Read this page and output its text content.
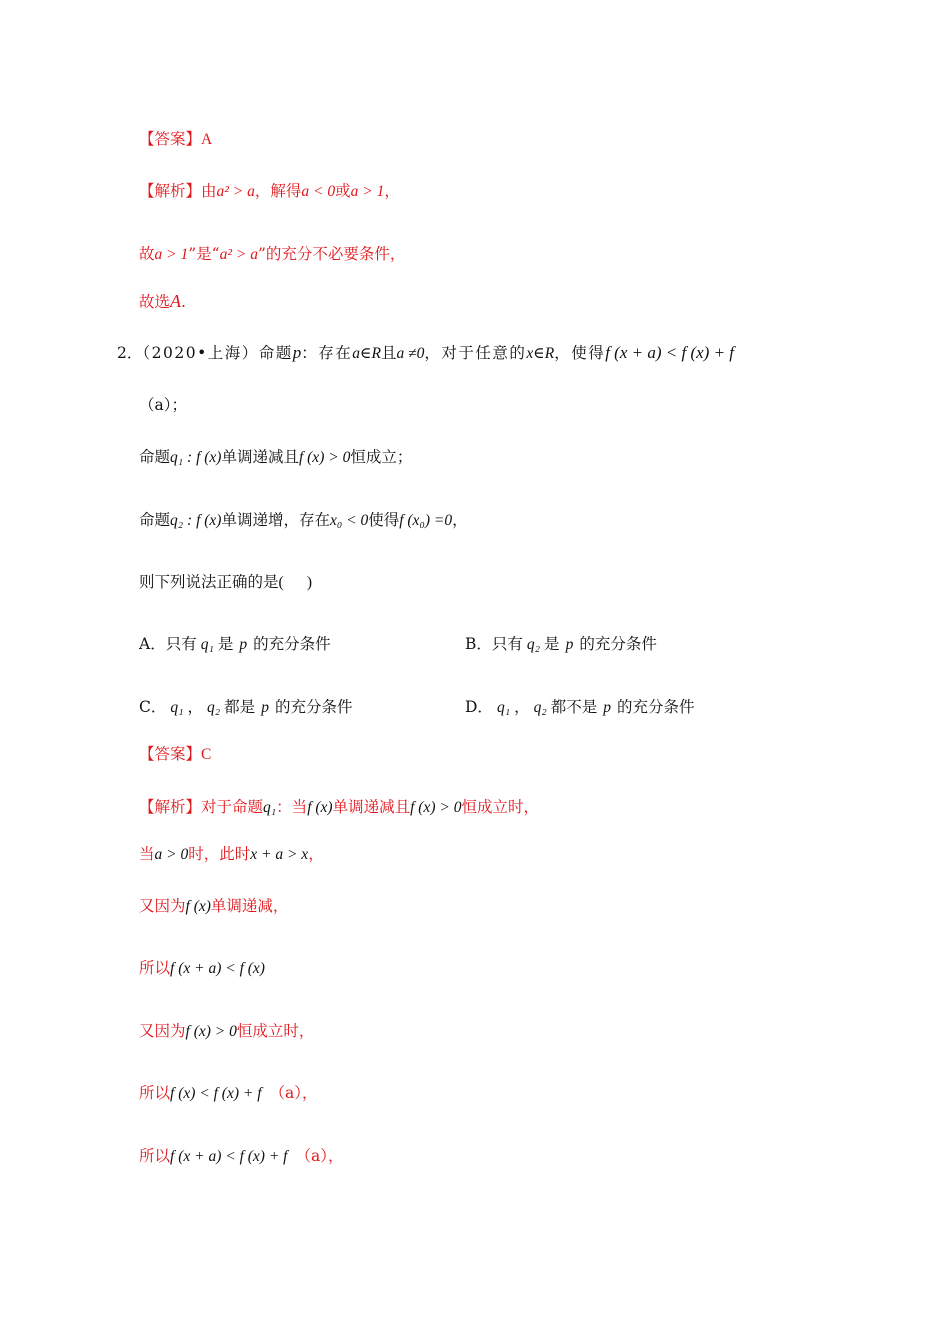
【答案】A
【解析】由a² > a，解得a < 0或a > 1，
故a > 1”是“a² > a”的充分不必要条件，
故选A.
2．（2020•上海）命题p：存在a∈R且a ≠0，对于任意的x∈R，使得f (x + a) < f (x) + f
（a）；
命题q₁ : f (x)单调递减且f (x) > 0恒成立；
命题q₂ : f (x)单调递增，存在x₀ < 0使得f (x₀) =0，
则下列说法正确的是(      )
A．只有 q₁ 是 p 的充分条件	B．只有 q₂ 是 p 的充分条件
C． q₁ ， q₂ 都是 p 的充分条件	D． q₁ ， q₂ 都不是 p 的充分条件
【答案】C
【解析】对于命题q₁：当f (x)单调递减且f (x) > 0恒成立时，
当a > 0时，此时x + a > x，
又因为f (x)单调递减，
所以f (x + a) < f (x)
又因为f (x) > 0恒成立时，
所以f (x) < f (x) + f （a），
所以f (x + a) < f (x) + f （a），
